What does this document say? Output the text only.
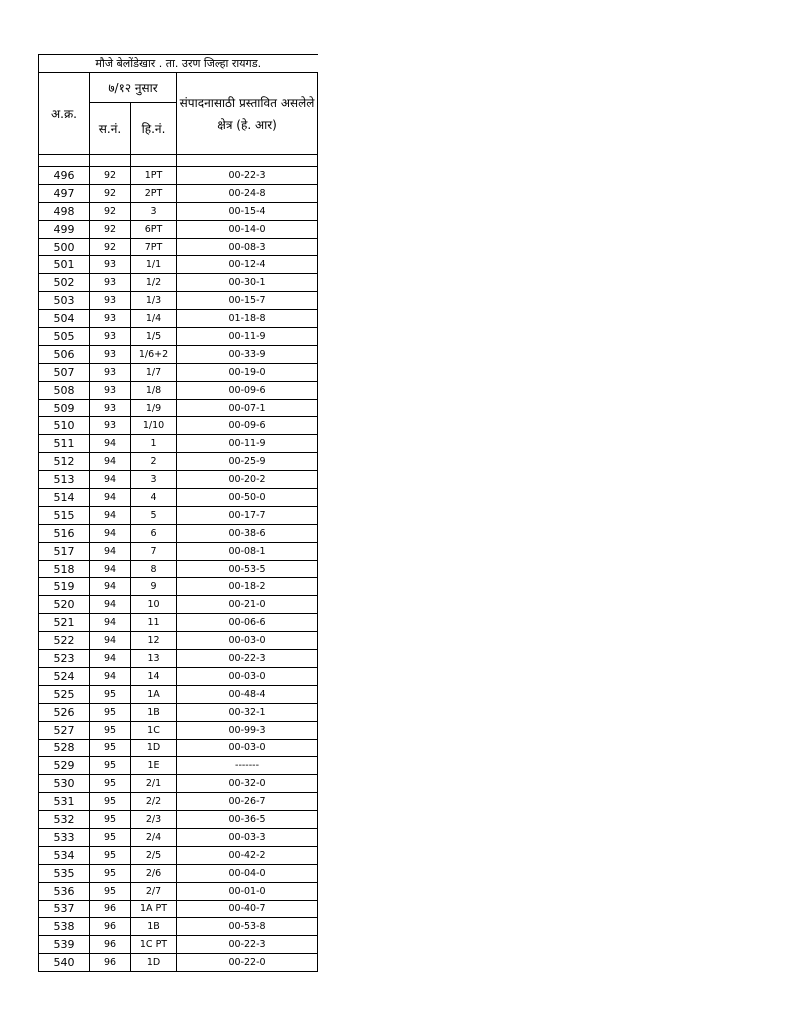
मौजे बेलोंडेखार . ता. उरण जिल्हा रायगड.			
अ.क्र.	७/१२ नुसार		संपादनासाठी प्रस्तावित असलेले क्षेत्र (हे. आर)
	स.नं.	हि.नं.	

496	92	1PT	00-22-3
497	92	2PT	00-24-8
498	92	3	00-15-4
499	92	6PT	00-14-0
500	92	7PT	00-08-3
501	93	1/1	00-12-4
502	93	1/2	00-30-1
503	93	1/3	00-15-7
504	93	1/4	01-18-8
505	93	1/5	00-11-9
506	93	1/6+2	00-33-9
507	93	1/7	00-19-0
508	93	1/8	00-09-6
509	93	1/9	00-07-1
510	93	1/10	00-09-6
511	94	1	00-11-9
512	94	2	00-25-9
513	94	3	00-20-2
514	94	4	00-50-0
515	94	5	00-17-7
516	94	6	00-38-6
517	94	7	00-08-1
518	94	8	00-53-5
519	94	9	00-18-2
520	94	10	00-21-0
521	94	11	00-06-6
522	94	12	00-03-0
523	94	13	00-22-3
524	94	14	00-03-0
525	95	1A	00-48-4
526	95	1B	00-32-1
527	95	1C	00-99-3
528	95	1D	00-03-0
529	95	1E	-------
530	95	2/1	00-32-0
531	95	2/2	00-26-7
532	95	2/3	00-36-5
533	95	2/4	00-03-3
534	95	2/5	00-42-2
535	95	2/6	00-04-0
536	95	2/7	00-01-0
537	96	1A PT	00-40-7
538	96	1B	00-53-8
539	96	1C PT	00-22-3
540	96	1D	00-22-0
